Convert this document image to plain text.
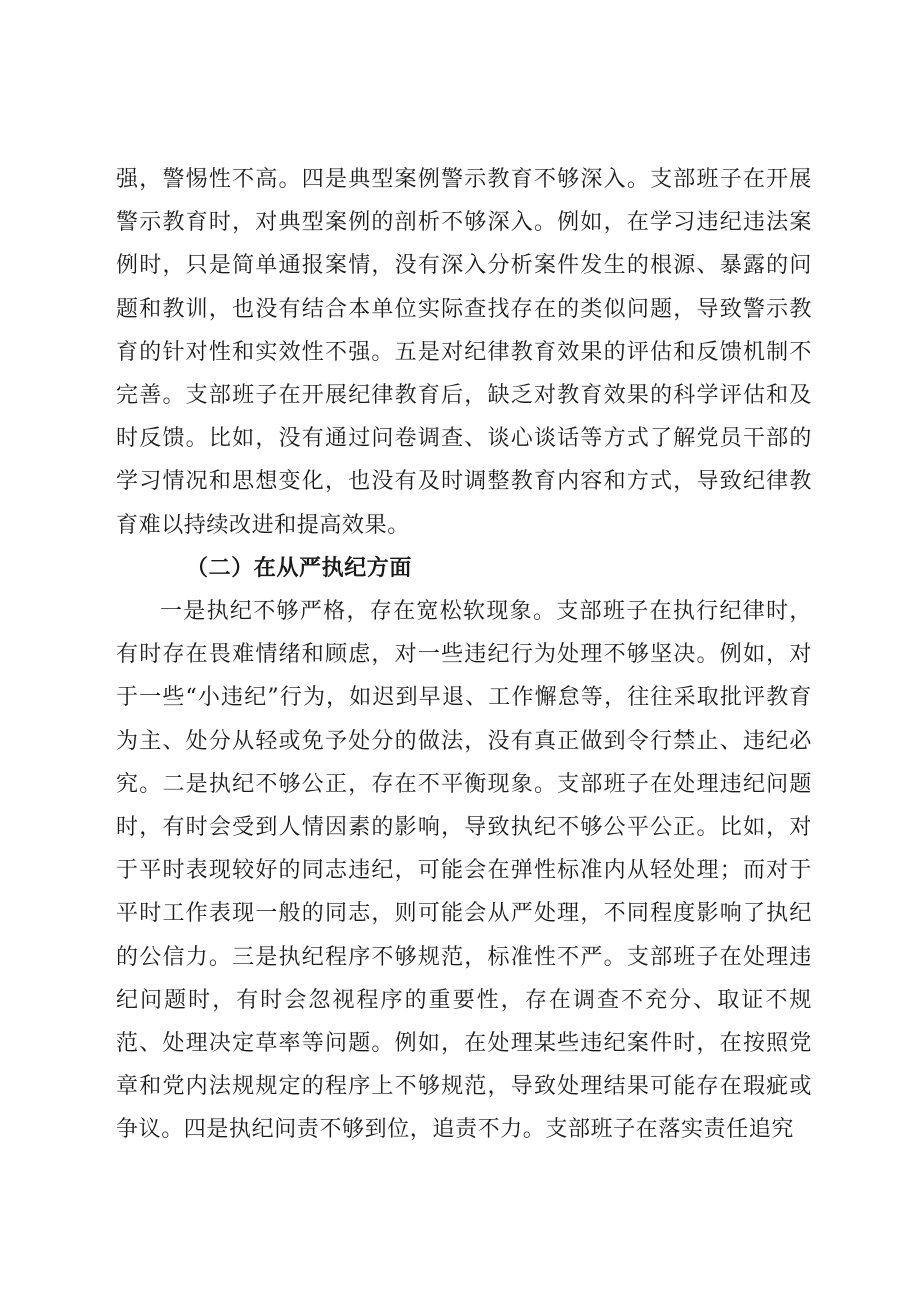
强，警惕性不高。四是典型案例警示教育不够深入。支部班子在开展警示教育时，对典型案例的剖析不够深入。例如，在学习违纪违法案例时，只是简单通报案情，没有深入分析案件发生的根源、暴露的问题和教训，也没有结合本单位实际查找存在的类似问题，导致警示教育的针对性和实效性不强。五是对纪律教育效果的评估和反馈机制不完善。支部班子在开展纪律教育后，缺乏对教育效果的科学评估和及时反馈。比如，没有通过问卷调查、谈心谈话等方式了解党员干部的学习情况和思想变化，也没有及时调整教育内容和方式，导致纪律教育难以持续改进和提高效果。

（二）在从严执纪方面

一是执纪不够严格，存在宽松软现象。支部班子在执行纪律时，有时存在畏难情绪和顾虑，对一些违纪行为处理不够坚决。例如，对于一些“小违纪”行为，如迟到早退、工作懈怠等，往往采取批评教育为主、处分从轻或免予处分的做法，没有真正做到令行禁止、违纪必究。二是执纪不够公正，存在不平衡现象。支部班子在处理违纪问题时，有时会受到人情因素的影响，导致执纪不够公平公正。比如，对于平时表现较好的同志违纪，可能会在弹性标准内从轻处理；而对于平时工作表现一般的同志，则可能会从严处理，不同程度影响了执纪的公信力。三是执纪程序不够规范，标准性不严。支部班子在处理违纪问题时，有时会忽视程序的重要性，存在调查不充分、取证不规范、处理决定草率等问题。例如，在处理某些违纪案件时，在按照党章和党内法规规定的程序上不够规范，导致处理结果可能存在瑕疵或争议。四是执纪问责不够到位，追责不力。支部班子在落实责任追究
